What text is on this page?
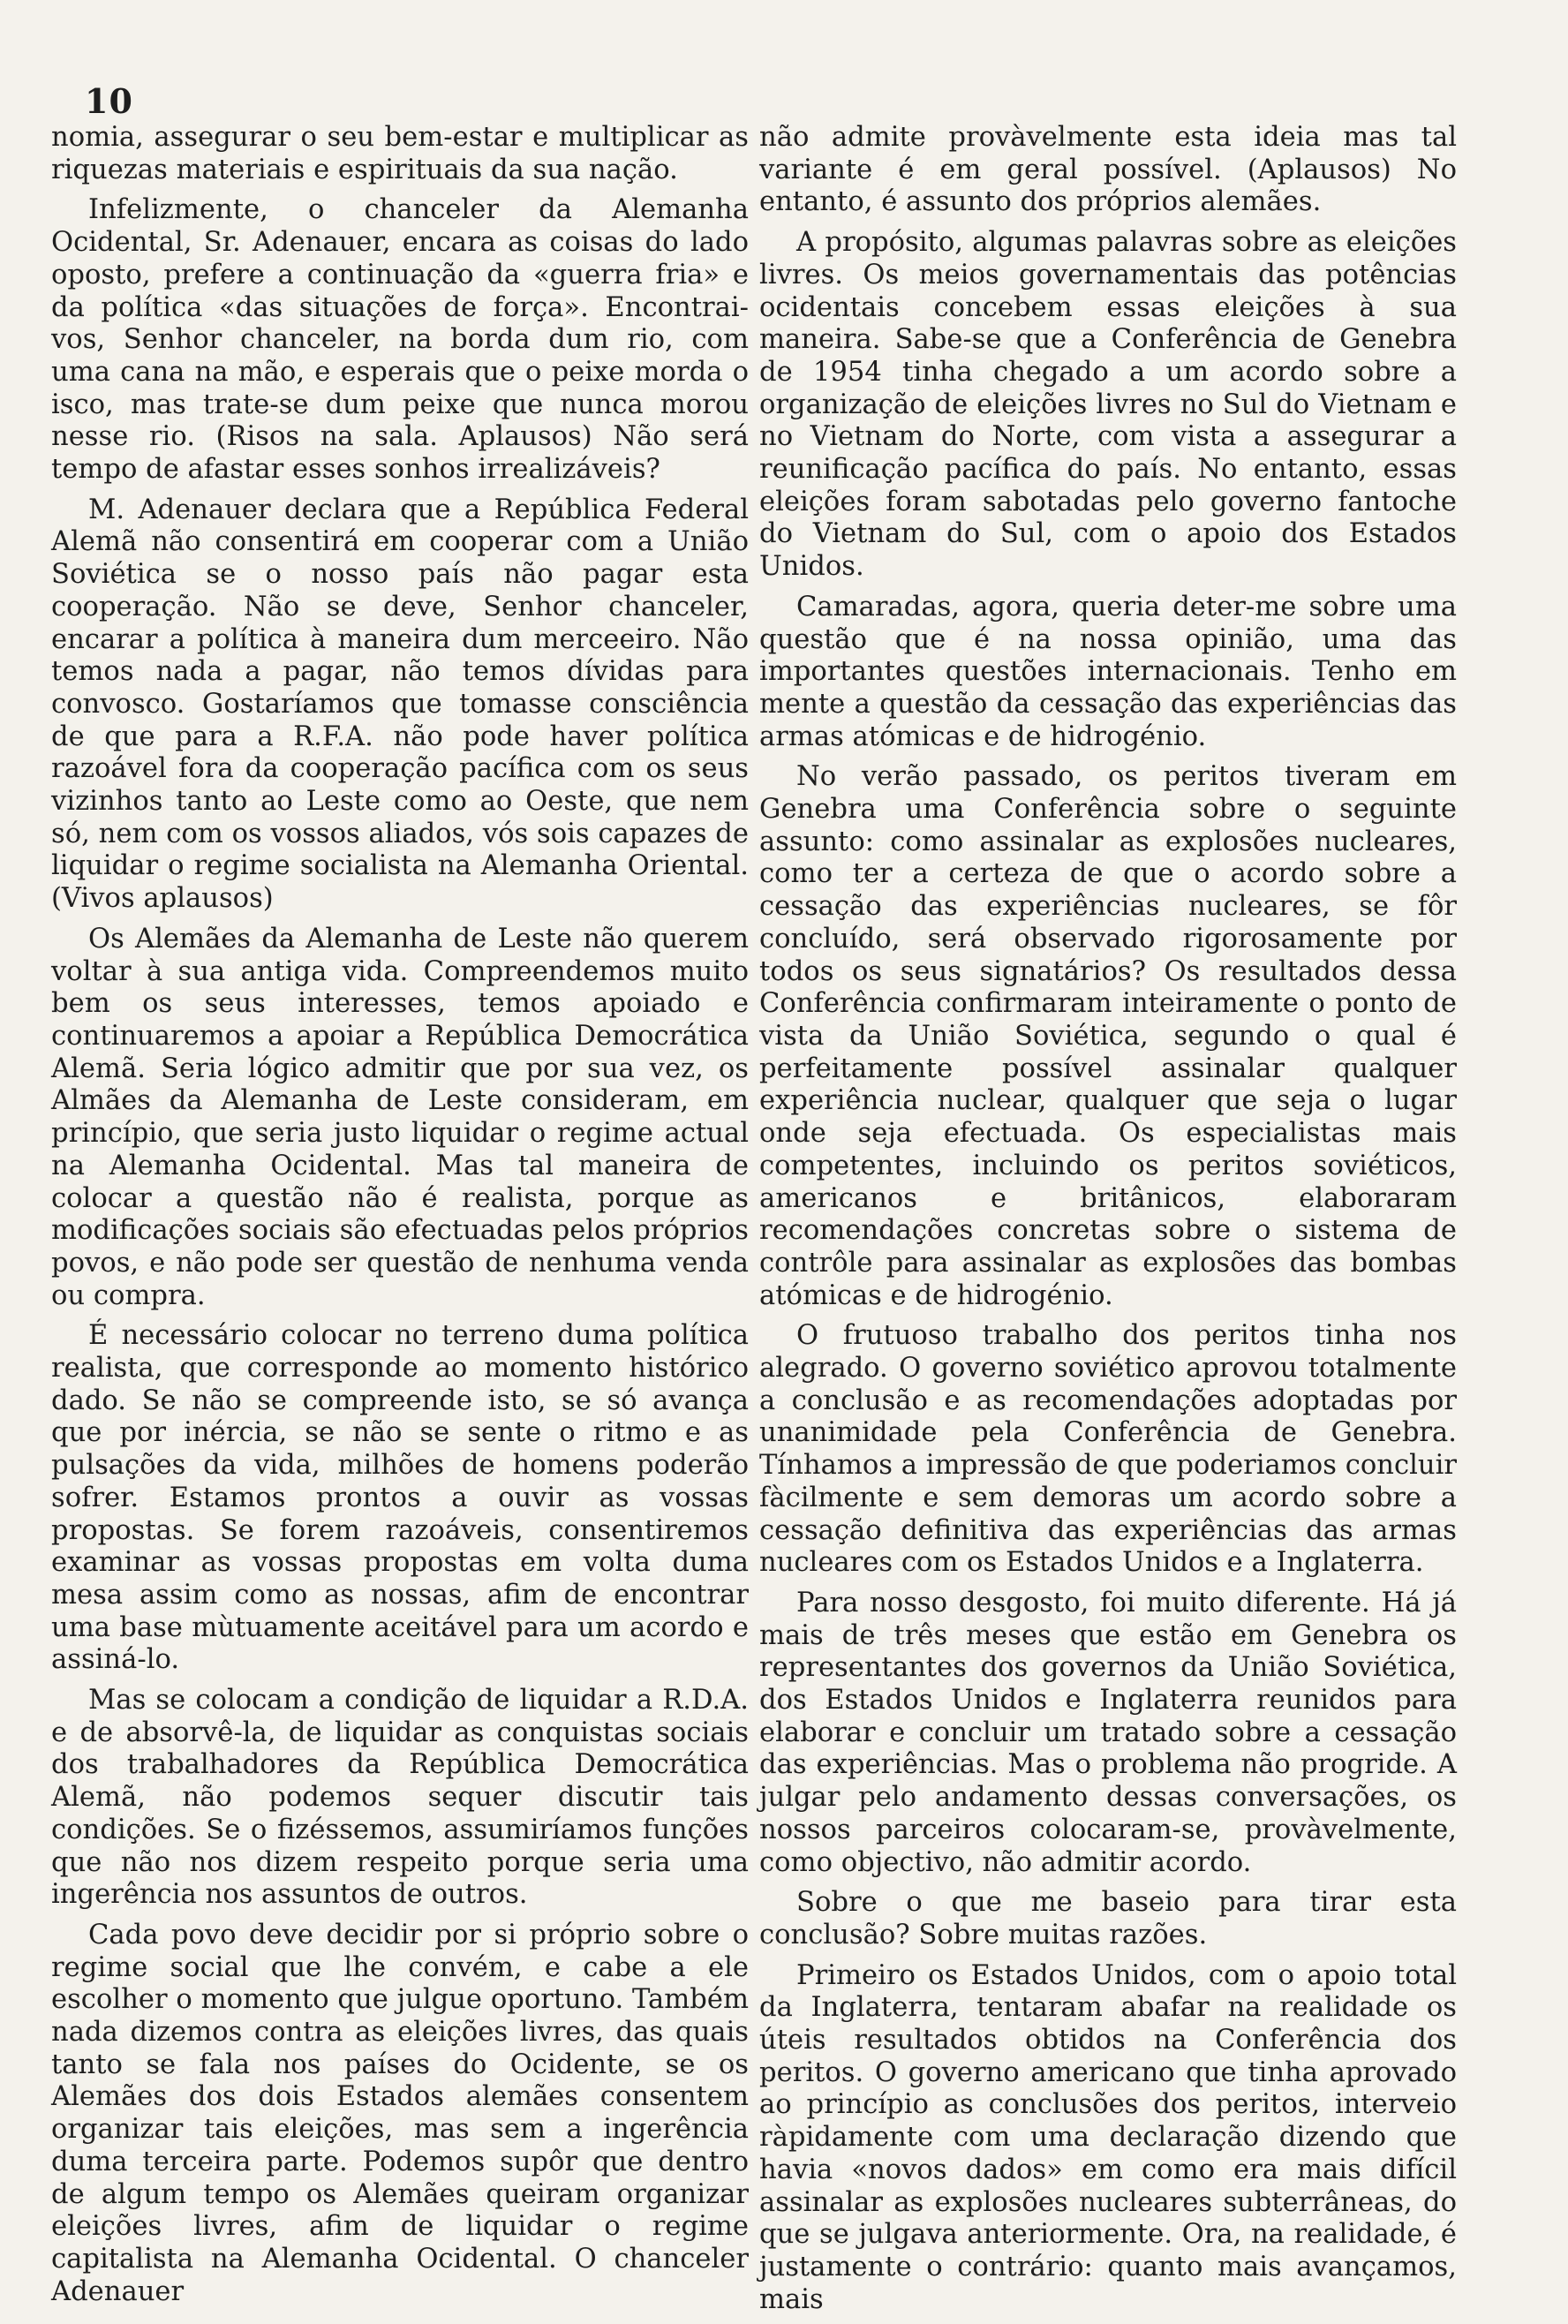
10

nomia, assegurar o seu bem-estar e multiplicar as riquezas materiais e espirituais da sua nação.

Infelizmente, o chanceler da Alemanha Ocidental, Sr. Adenauer, encara as coisas do lado oposto, prefere a continuação da «guerra fria» e da política «das situações de força». Encontrai-vos, Senhor chanceler, na borda dum rio, com uma cana na mão, e esperais que o peixe morda o isco, mas trate-se dum peixe que nunca morou nesse rio. (Risos na sala. Aplausos) Não será tempo de afastar esses sonhos irrealizáveis?

M. Adenauer declara que a República Federal Alemã não consentirá em cooperar com a União Soviética se o nosso país não pagar esta cooperação. Não se deve, Senhor chanceler, encarar a política à maneira dum merceeiro. Não temos nada a pagar, não temos dívidas para convosco. Gostaríamos que tomasse consciência de que para a R.F.A. não pode haver política razoável fora da cooperação pacífica com os seus vizinhos tanto ao Leste como ao Oeste, que nem só, nem com os vossos aliados, vós sois capazes de liquidar o regime socialista na Alemanha Oriental. (Vivos aplausos)

Os Alemães da Alemanha de Leste não querem voltar à sua antiga vida. Compreendemos muito bem os seus interesses, temos apoiado e continuaremos a apoiar a República Democrática Alemã. Seria lógico admitir que por sua vez, os Almães da Alemanha de Leste consideram, em princípio, que seria justo liquidar o regime actual na Alemanha Ocidental. Mas tal maneira de colocar a questão não é realista, porque as modificações sociais são efectuadas pelos próprios povos, e não pode ser questão de nenhuma venda ou compra.

É necessário colocar no terreno duma política realista, que corresponde ao momento histórico dado. Se não se compreende isto, se só avança que por inércia, se não se sente o ritmo e as pulsações da vida, milhões de homens poderão sofrer. Estamos prontos a ouvir as vossas propostas. Se forem razoáveis, consentiremos examinar as vossas propostas em volta duma mesa assim como as nossas, afim de encontrar uma base mùtuamente aceitável para um acordo e assiná-lo.

Mas se colocam a condição de liquidar a R.D.A. e de absorvê-la, de liquidar as conquistas sociais dos trabalhadores da República Democrática Alemã, não podemos sequer discutir tais condições. Se o fizéssemos, assumiríamos funções que não nos dizem respeito porque seria uma ingerência nos assuntos de outros.

Cada povo deve decidir por si próprio sobre o regime social que lhe convém, e cabe a ele escolher o momento que julgue oportuno. Também nada dizemos contra as eleições livres, das quais tanto se fala nos países do Ocidente, se os Alemães dos dois Estados alemães consentem organizar tais eleições, mas sem a ingerência duma terceira parte. Podemos supôr que dentro de algum tempo os Alemães queiram organizar eleições livres, afim de liquidar o regime capitalista na Alemanha Ocidental. O chanceler Adenauer

não admite provàvelmente esta ideia mas tal variante é em geral possível. (Aplausos) No entanto, é assunto dos próprios alemães.

A propósito, algumas palavras sobre as eleições livres. Os meios governamentais das potências ocidentais concebem essas eleições à sua maneira. Sabe-se que a Conferência de Genebra de 1954 tinha chegado a um acordo sobre a organização de eleições livres no Sul do Vietnam e no Vietnam do Norte, com vista a assegurar a reunificação pacífica do país. No entanto, essas eleições foram sabotadas pelo governo fantoche do Vietnam do Sul, com o apoio dos Estados Unidos.

Camaradas, agora, queria deter-me sobre uma questão que é na nossa opinião, uma das importantes questões internacionais. Tenho em mente a questão da cessação das experiências das armas atómicas e de hidrogénio.

No verão passado, os peritos tiveram em Genebra uma Conferência sobre o seguinte assunto: como assinalar as explosões nucleares, como ter a certeza de que o acordo sobre a cessação das experiências nucleares, se fôr concluído, será observado rigorosamente por todos os seus signatários? Os resultados dessa Conferência confirmaram inteiramente o ponto de vista da União Soviética, segundo o qual é perfeitamente possível assinalar qualquer experiência nuclear, qualquer que seja o lugar onde seja efectuada. Os especialistas mais competentes, incluindo os peritos soviéticos, americanos e britânicos, elaboraram recomendações concretas sobre o sistema de contrôle para assinalar as explosões das bombas atómicas e de hidrogénio.

O frutuoso trabalho dos peritos tinha nos alegrado. O governo soviético aprovou totalmente a conclusão e as recomendações adoptadas por unanimidade pela Conferência de Genebra. Tínhamos a impressão de que poderiamos concluir fàcilmente e sem demoras um acordo sobre a cessação definitiva das experiências das armas nucleares com os Estados Unidos e a Inglaterra.

Para nosso desgosto, foi muito diferente. Há já mais de três meses que estão em Genebra os representantes dos governos da União Soviética, dos Estados Unidos e Inglaterra reunidos para elaborar e concluir um tratado sobre a cessação das experiências. Mas o problema não progride. A julgar pelo andamento dessas conversações, os nossos parceiros colocaram-se, provàvelmente, como objectivo, não admitir acordo.

Sobre o que me baseio para tirar esta conclusão? Sobre muitas razões.

Primeiro os Estados Unidos, com o apoio total da Inglaterra, tentaram abafar na realidade os úteis resultados obtidos na Conferência dos peritos. O governo americano que tinha aprovado ao princípio as conclusões dos peritos, interveio ràpidamente com uma declaração dizendo que havia «novos dados» em como era mais difícil assinalar as explosões nucleares subterrâneas, do que se julgava anteriormente. Ora, na realidade, é justamente o contrário: quanto mais avançamos, mais
